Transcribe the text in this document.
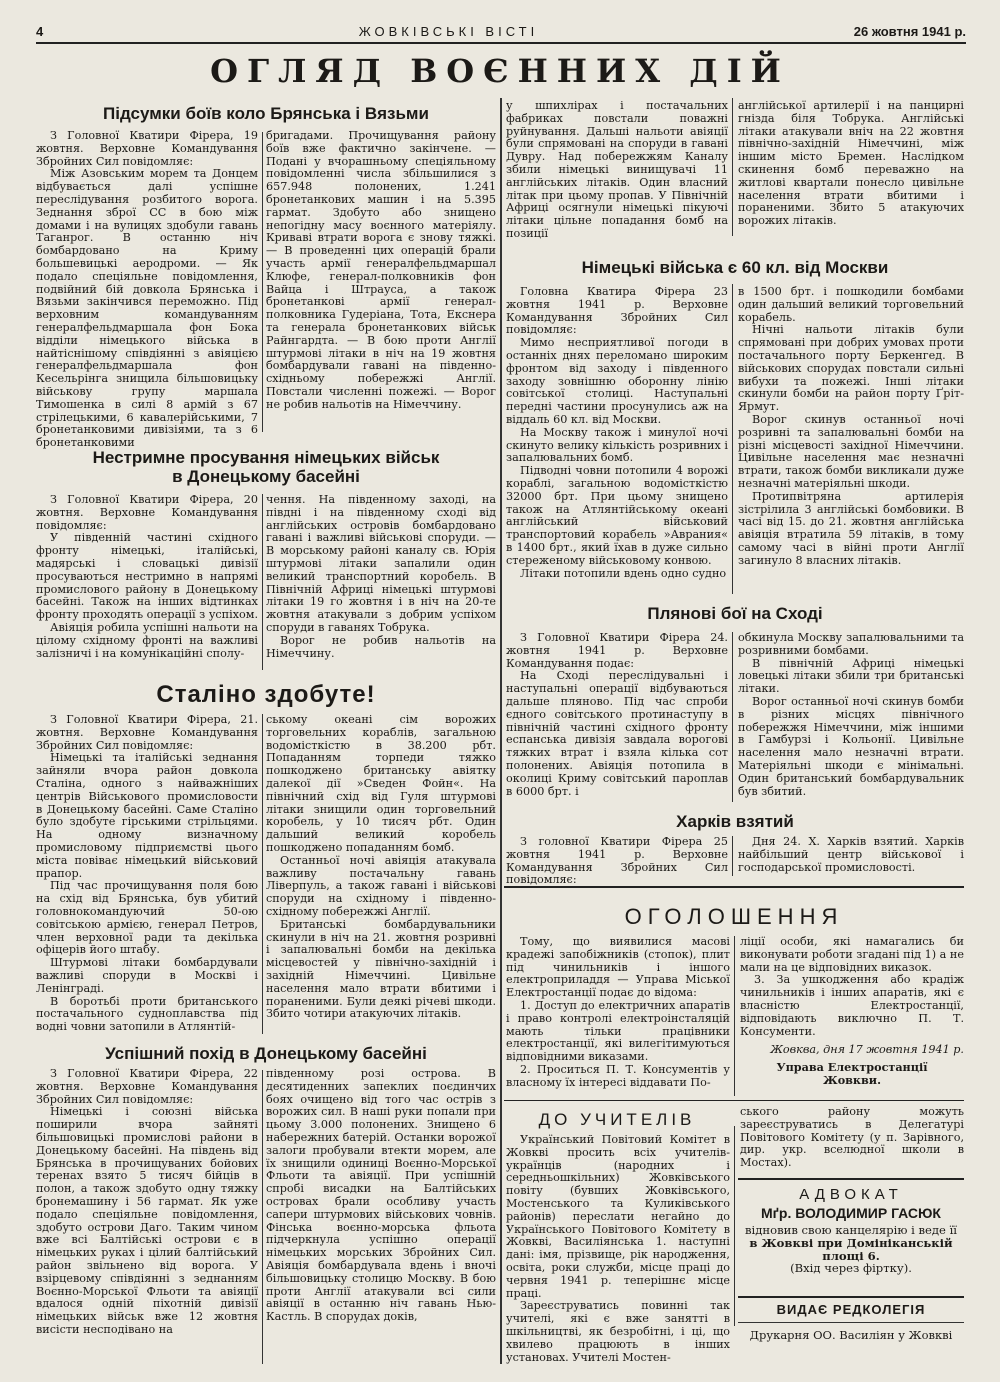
4	ЖОВКІВСЬКІ ВІСТІ	26 жовтня 1941 р.
ОГЛЯД ВОЄННИХ ДІЙ
Підсумки боїв коло Брянська і Вязьми

З Головної Кватири Фірера, 19 жовтня. Верховне Командування Збройних Сил повідомляє:

Між Азовським морем та Донцем відбувається далі успішне переслідування розбитого ворога. Зеднання зброї СС в бою між домами і на вулицях здобули гавань Таганрог. В останню ніч бомбардовано на Криму большевицькі аеродроми. — Як подало спеціяльне повідомлення, подвійний бій довкола Брянська і Вязьми закінчився переможно. Під верховним командуванням генералфельдмаршала фон Бока відділи німецького війська в найтіснішому співдіянні з авіяцією генералфельдмаршала фон Кесельрінга знищила більшовицьку військову групу маршала Тимошенка в силі 8 армій з 67 стрілецькими, 6 кавалерійськими, 7 бронетанковими дивізіями, та з 6 бронетанковими

бригадами. Прочищування району боїв вже фактично закінчене. — Подані у вчорашньому спеціяльному повідомленні числа збільшилися з 657.948 полонених, 1.241 бронетанкових машин і на 5.395 гармат. Здобуто або знищено непогідну масу воєнного матеріялу. Криваві втрати ворога є знову тяжкі. — В проведенні цих операцій брали участь армії генералфельдмаршал Клюфе, генерал-полковників фон Вайца і Штрауса, а також бронетанкові армії генерал-полковника Гудеріана, Тота, Екснера та генерала бронетанкових військ Райнгардта. — В бою проти Англії штурмові літаки в ніч на 19 жовтня бомбардували гавані на південно-східньому побережжі Англії. Повстали численні пожежі. — Ворог не робив нальотів на Німеччину.

Нестримне просування німецьких військ
в Донецькому басейні

З Головної Кватири Фірера, 20 жовтня. Верховне Командування повідомляє:

У південній частині східного фронту німецькі, італійські, мадярські і словацькі дивізії просуваються нестримно в напрямі промислового району в Донецькому басейні. Також на інших відтинках фронту проходять операції з успіхом.

Авіяція робила успішні нальоти на цілому східному фронті на важливі залізничі і на комунікаційні сполу-

чення. На південному заході, на півдні і на південному сході від англійських островів бомбардовано гавані і важливі військові споруди. — В морському районі каналу св. Юрія штурмові літаки запалили один великий транспортний коробель. В Північній Африці німецькі штурмові літаки 19 го жовтня і в ніч на 20-те жовтня атакували з добрим успіхом споруди в гаванях Тобрука.

Ворог не робив нальотів на Німеччину.

Сталіно здобуте!

З Головної Кватири Фірера, 21. жовтня. Верховне Командування Збройних Сил повідомляє:

Німецькі та італійські зеднання зайняли вчора район довкола Сталіна, одного з найважніших центрів Військового промисловости в Донецькому басейні. Саме Сталіно було здобуте гірськими стрільцями. На одному визначному промисловому підприємстві цього міста повіває німецький військовий прапор.

Під час прочищування поля бою на схід від Брянська, був убитий головнокомандуючий 50-ою совітською армією, генерал Петров, член верховної ради та декілька офіцерів його штабу.

Штурмові літаки бомбардували важливі споруди в Москві і Ленінграді.

В боротьбі проти британського постачального судноплавства під водні човни затопили в Атлянтій-

ському океані сім ворожих торговельних кораблів, загальною водомісткістю в 38.200 рбт. Попаданням торпеди тяжко пошкоджено британську авіятку далекої дії »Сведен Фойн«. На північний схід від Гуля штурмові літаки знищили один торговельний коробель, у 10 тисяч рбт. Один дальший великий коробель пошкоджено попаданням бомб.

Останньої ночі авіяція атакувала важливу постачальну гавань Ліверпуль, а також гавані і військові споруди на східному і південно-східному побережжі Англії.

Британські бомбардувальники скинули в ніч на 21. жовтня розривні і запалювальні бомби на декілька місцевостей у північно-західній і західній Німеччині. Цивільне населення мало втрати вбитими і пораненими. Були деякі річеві шкоди. Збито чотири атакуючих літаків.

Успішний похід в Донецькому басейні

З Головної Кватири Фірера, 22 жовтня. Верховне Командування Збройних Сил повідомляє:

Німецькі і союзні війська поширили вчора зайняті більшовицькі промислові райони в Донецькому басейні. На південь від Брянська в прочищуваних бойових теренах взято 5 тисяч бійців в полон, а також здобуто одну тяжку бронемашину і 56 гармат. Як уже подало спеціяльне повідомлення, здобуто острови Даго. Таким чином вже всі Балтійські острови є в німецьких руках і цілий балтійський район звільнено від ворога. У взірцевому співдіянні з зеднанням Воєнно-Морської Фльоти та авіяції вдалося одній піхотній дивізії німецьких військ вже 12 жовтня висісти несподівано на

південному розі острова. В десятиденних запеклих поєдинчих боях очищено від того час острів з ворожих сил. В наші руки попали при цьому 3.000 полонених. Знищено 6 набережних батерій. Останки ворожої залоги пробували втекти морем, але їх знищили одиниці Воєнно-Морської Фльоти та авіяції. При успішній спробі висадки на Балтійських островах брали особливу участь сапери штурмових військових човнів. Фінська воєнно-морська фльота підчеркнула успішно операції німецьких морських Збройних Сил. Авіяція бомбардувала вдень і вночі більшовицьку столицю Москву. В бою проти Англії атакували всі сили авіяції в останню ніч гавань Нью-Кастль. В спорудах доків,

у шпихлірах і постачальних фабриках повстали поважні руйнування. Дальші нальоти авіяції були спрямовані на споруди в гавані Дувру. Над побережжям Каналу збили німецькі винищувачі 11 англійських літаків. Один власний літак при цьому пропав. У Північній Африці осягнули німецькі пікуючі літаки цільне попадання бомб на позиції

англійської артилерії і на панцирні гнізда біля Тобрука. Англійські літаки атакували вніч на 22 жовтня північно-західній Німеччині, між іншим місто Бремен. Наслідком скинення бомб переважно на житлові квартали понесло цивільне населення втрати вбитими і пораненими. Збито 5 атакуючих ворожих літаків.

Німецькі війська є 60 кл. від Москви

Головна Кватира Фірера 23 жовтня 1941 р. Верховне Командування Збройних Сил повідомляє:

Мимо несприятливої погоди в останніх днях переломано широким фронтом від заходу і південного заходу зовнішню оборонну лінію совітської столиці. Наступальні передні частини просунулись аж на віддаль 60 кл. від Москви.

На Москву також і минулої ночі скинуто велику кількість розривних і запалювальних бомб.

Підводні човни потопили 4 ворожі кораблі, загальною водомісткістю 32000 брт. При цьому знищено також на Атлянтійському океані англійський військовий транспортовий корабель »Аврания« в 1400 брт., який їхав в дуже сильно стереженому військовому конвою.

Літаки потопили вдень одно судно

в 1500 брт. і пошкодили бомбами один дальший великий торговельний корабель.

Нічні нальоти літаків були спрямовані при добрих умовах проти постачального порту Беркенгед. В військових спорудах повстали сильні вибухи та пожежі. Інші літаки скинули бомби на район порту Ґріт-Ярмут.

Ворог скинув останньої ночі розривні та запалювальні бомби на різні місцевості західної Німеччини. Цивільне населення має незначні втрати, також бомби викликали дуже незначні матеріяльні шкоди.

Протипвітряна артилерія зістрілила 3 англійські бомбовики. В часі від 15. до 21. жовтня англійська авіяція втратила 59 літаків, в тому самому часі в війні проти Англії загинуло 8 власних літаків.

Плянові бої на Сході

З Головної Кватири Фірера 24. жовтня 1941 р. Верховне Командування подає:

На Сході переслідувальні і наступальні операції відбуваються дальше пляново. Під час спроби єдного совітського протинаступу в північній частині східного фронту еспанська дивізія завдала ворогові тяжких втрат і взяла кілька сот полонених. Авіяція потопила в околиці Криму совітський пароплав в 6000 брт. і

обкинула Москву запалювальними та розривними бомбами.

В північній Африці німецькі ловецькі літаки збили три британські літаки.

Ворог останньої ночі скинув бомби в різних місцях північного побережжя Німеччини, між іншими в Гамбурзі і Кольонії. Цивільне населення мало незначні втрати. Матеріяльні шкоди є мінімальні. Один британський бомбардувальник був збитий.

Харків взятий

З головної Кватири Фірера 25 жовтня 1941 р. Верховне Командування Збройних Сил повідомляє:

Дня 24. Х. Харків взятий. Харків найбільший центр військової і господарської промисловості.

ОГОЛОШЕННЯ

Тому, що виявилися масові крадежі запобіжників (стопок), плит під чинильників і іншого електроприладдя — Управа Міської Електростанції подає до відома:

1. Доступ до електричних апаратів і право контролі електроінсталяцій мають тільки працівники електростанції, які вилегітимуються відповідними виказами.

2. Проситься П. Т. Консументів у власному їх інтересі віддавати По-

ліції особи, які намагались би виконувати роботи згадані під 1) а не мали на це відповідних виказок.

3. За ушкодження або крадіж чинильників і інших апаратів, які є власністю Електростанції, відповідають виключно П. Т. Консументи.

Жовква, дня 17 жовтня 1941 р.

Управа Електростанції

Жовкви.

ДО УЧИТЕЛІВ

Український Повітовий Комітет в Жовкві просить всіх учителів-українців (народних і середньошкільних) Жовківського повіту (бувших Жовківського, Мостенського та Куликівського районів) переслати негайно до Українського Повітового Комітету в Жовкві, Василіянська 1. наступні дані: імя, прізвище, рік народження, освіта, роки служби, місце праці до червня 1941 р. теперішнє місце праці.

Зареєструватись повинні так учителі, які є вже занятті в шкільництві, як безробітні, і ці, що хвилево працюють в інших установах. Учителі Мостен-

ського району можуть зареєструватись в Делегатурі Повітового Комітету (у п. Зарівного, дир. укр. вселюдної школи в Мостах).

АДВОКАТ
Мґр. ВОЛОДИМИР ГАСЮК

відновив свою канцелярію і веде її

в Жовкві при Домініканській площі 6.

(Вхід через фіртку).

ВИДАЄ РЕДКОЛЕГІЯ
Друкарня ОО. Василіян у Жовкві
